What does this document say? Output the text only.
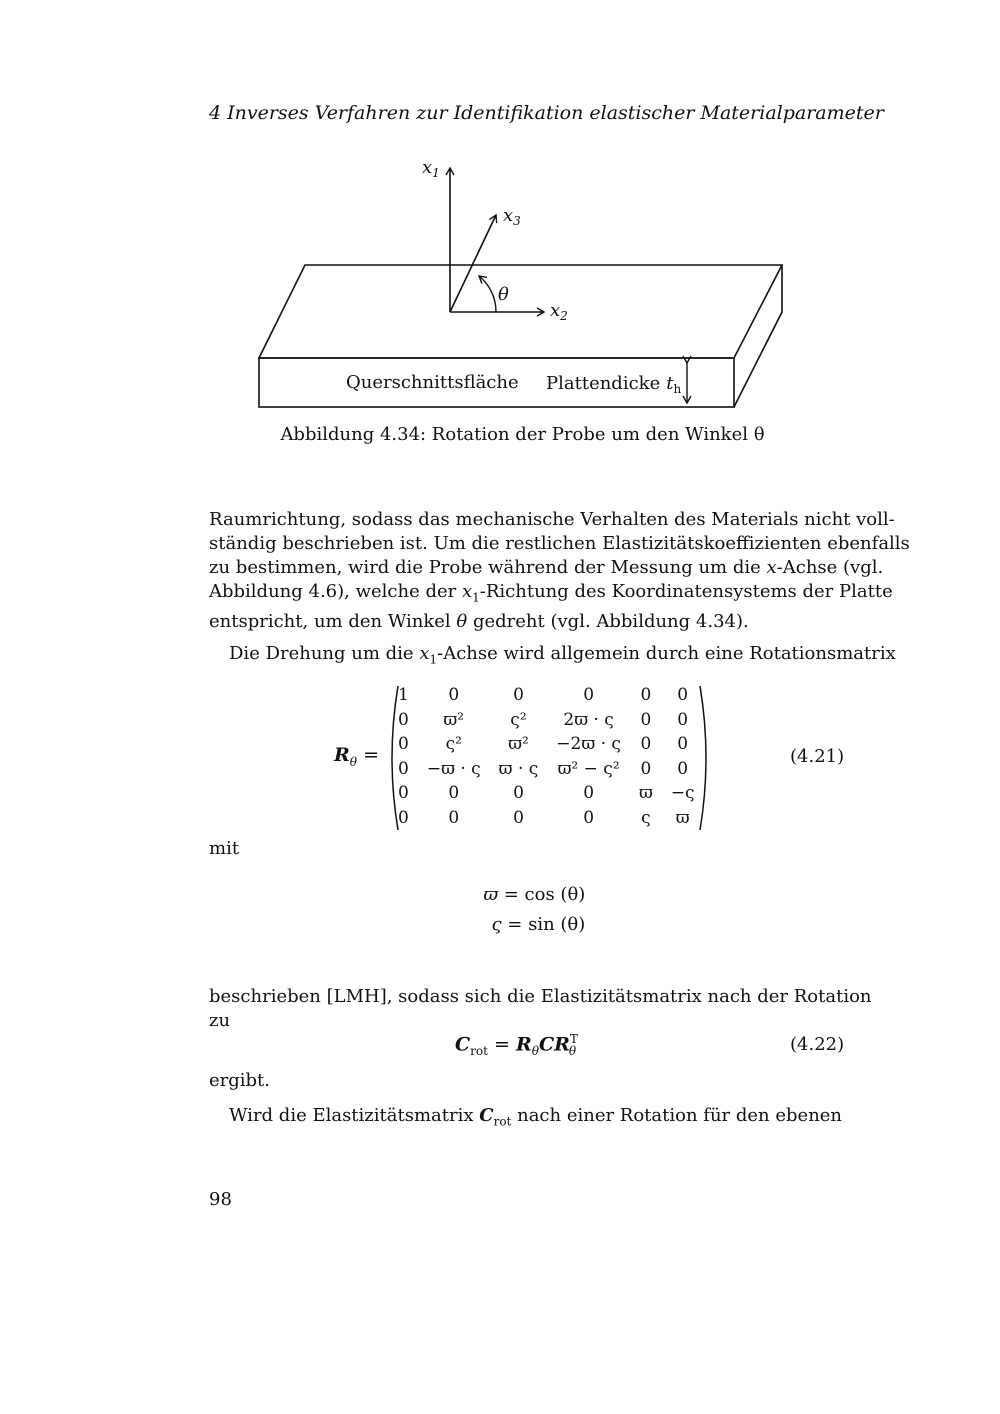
4 Inverses Verfahren zur Identifikation elastischer Materialparameter
$x_1$
$x_3$
θ
$x_2$
Querschnittsfläche Plattendicke $t_h$
Abbildung 4.34: Rotation der Probe um den Winkel θ
Raumrichtung, sodass das mechanische Verhalten des Materials nicht voll-
ständig beschrieben ist. Um die restlichen Elastizitätskoeffizienten ebenfalls
zu bestimmen, wird die Probe während der Messung um die x-Achse (vgl.
Abbildung 4.6), welche der $x_1$-Richtung des Koordinatensystems der Platte
entspricht, um den Winkel θ gedreht (vgl. Abbildung 4.34).
Die Drehung um die $x_1$-Achse wird allgemein durch eine Rotationsmatrix
$R_\theta$ =
1	0	0	0	0	0
0	ϖ²	ς²	2ϖ · ς	0	0
0	ς²	ϖ²	−2ϖ · ς	0	0
0	−ϖ · ς	ϖ · ς	ϖ² − ς²	0	0
0	0	0	0	ϖ	−ς
0	0	0	0	ς	ϖ
(4.21)
mit
ϖ = cos (θ)
ς = sin (θ)
beschrieben [LMH], sodass sich die Elastizitätsmatrix nach der Rotation
zu
$C_{rot} = R_\theta CR^T_\theta$	(4.22)
ergibt.
Wird die Elastizitätsmatrix $C_{rot}$ nach einer Rotation für den ebenen
98
